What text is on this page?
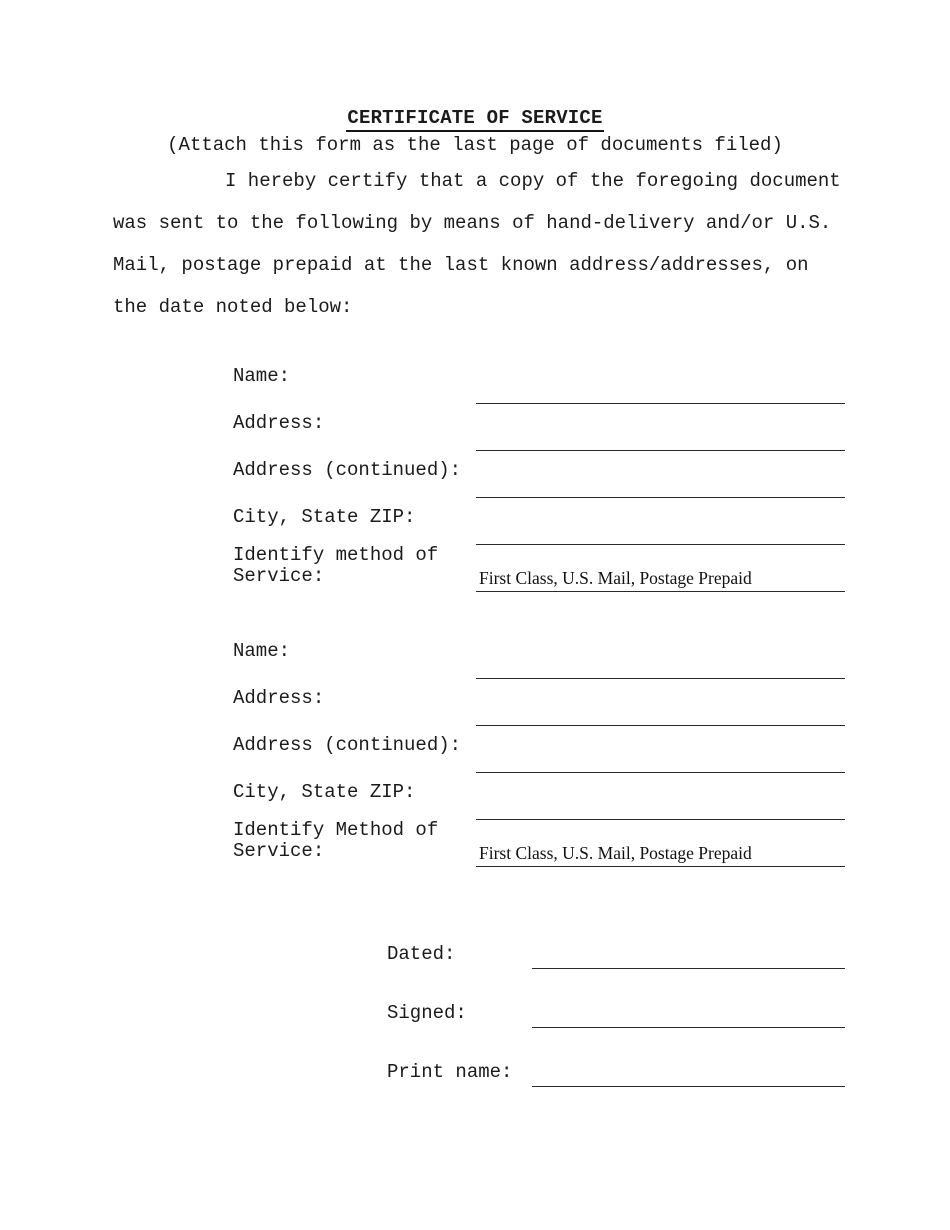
CERTIFICATE OF SERVICE
(Attach this form as the last page of documents filed)
I hereby certify that a copy of the foregoing document
was sent to the following by means of hand-delivery and/or U.S.
Mail, postage prepaid at the last known address/addresses, on
the date noted below:
Name:
Address:
Address (continued):
City, State ZIP:
Identify method of
Service:	First Class, U.S. Mail, Postage Prepaid
Name:
Address:
Address (continued):
City, State ZIP:
Identify Method of
Service:	First Class, U.S. Mail, Postage Prepaid
Dated:
Signed:
Print name:
